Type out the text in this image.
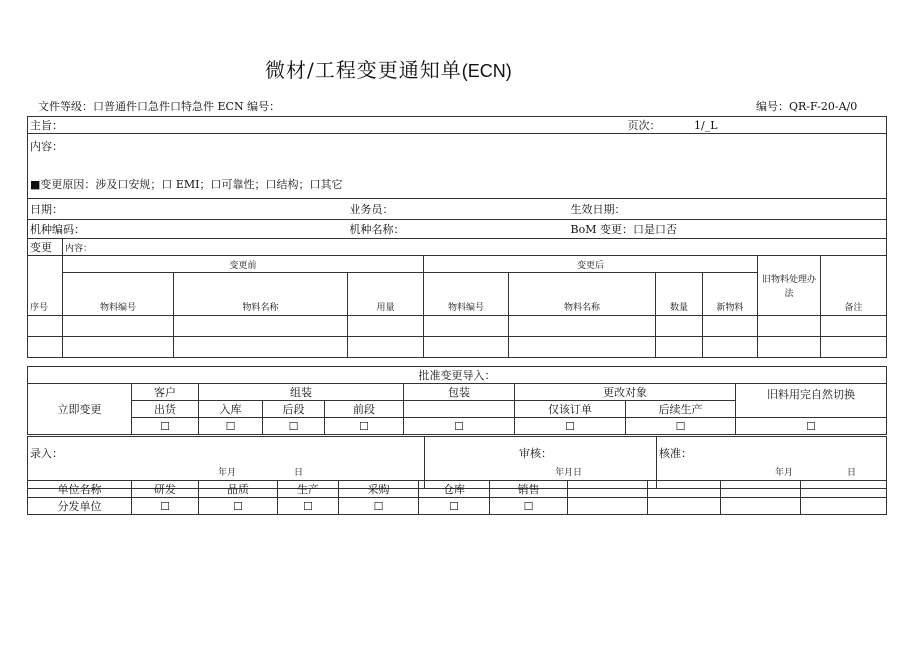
微材/工程变更通知单(ECN)
文件等级：口普通件口急件口特急件 ECN 编号：	编号：QR-F-20-A/0
主旨：						页次： 1/_L			

内容：
■变更原因：涉及口安规；口 EMI；口可靠性；口结构；口其它									

日期：			业务员：				生效日期：		
机种编码：			机种名称：				BoM 变更：口是口否		
变更	内容：								
序号	变更前			变更后				旧物料处理办法	备注
	物料编号	物料名称	用量	物料编号	物料名称	数量	新物料		

批准变更导入：								
立即变更	客户	组装			包装	更改对象		旧料用完自然切换
	出货	入库	后段	前段		仅该订单	后续生产	
	☐	☐	☐	☐	☐	☐	☐	☐
录入：
年月	日
	审核：
年月日
	核准：
年月	日
单位名称	研发	品质	生产	采购	仓库	销售				
分发单位	☐	☐	☐	☐	☐	☐				
